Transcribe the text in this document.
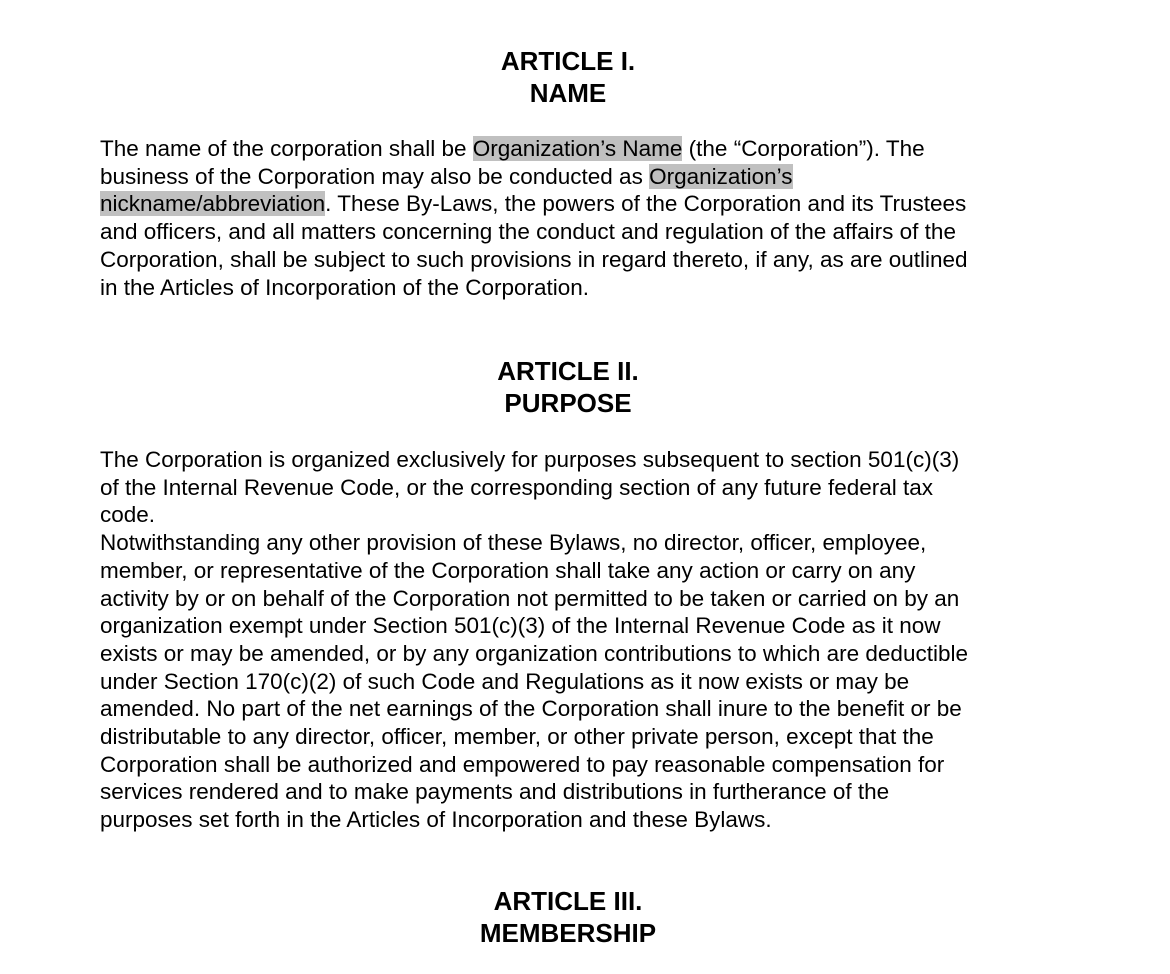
ARTICLE I.
NAME
The name of the corporation shall be Organization’s Name (the “Corporation”). The
business of the Corporation may also be conducted as Organization’s
nickname/abbreviation. These By-Laws, the powers of the Corporation and its Trustees
and officers, and all matters concerning the conduct and regulation of the affairs of the
Corporation, shall be subject to such provisions in regard thereto, if any, as are outlined
in the Articles of Incorporation of the Corporation.
ARTICLE II.
PURPOSE
The Corporation is organized exclusively for purposes subsequent to section 501(c)(3)
of the Internal Revenue Code, or the corresponding section of any future federal tax
code.
Notwithstanding any other provision of these Bylaws, no director, officer, employee,
member, or representative of the Corporation shall take any action or carry on any
activity by or on behalf of the Corporation not permitted to be taken or carried on by an
organization exempt under Section 501(c)(3) of the Internal Revenue Code as it now
exists or may be amended, or by any organization contributions to which are deductible
under Section 170(c)(2) of such Code and Regulations as it now exists or may be
amended. No part of the net earnings of the Corporation shall inure to the benefit or be
distributable to any director, officer, member, or other private person, except that the
Corporation shall be authorized and empowered to pay reasonable compensation for
services rendered and to make payments and distributions in furtherance of the
purposes set forth in the Articles of Incorporation and these Bylaws.
ARTICLE III.
MEMBERSHIP
